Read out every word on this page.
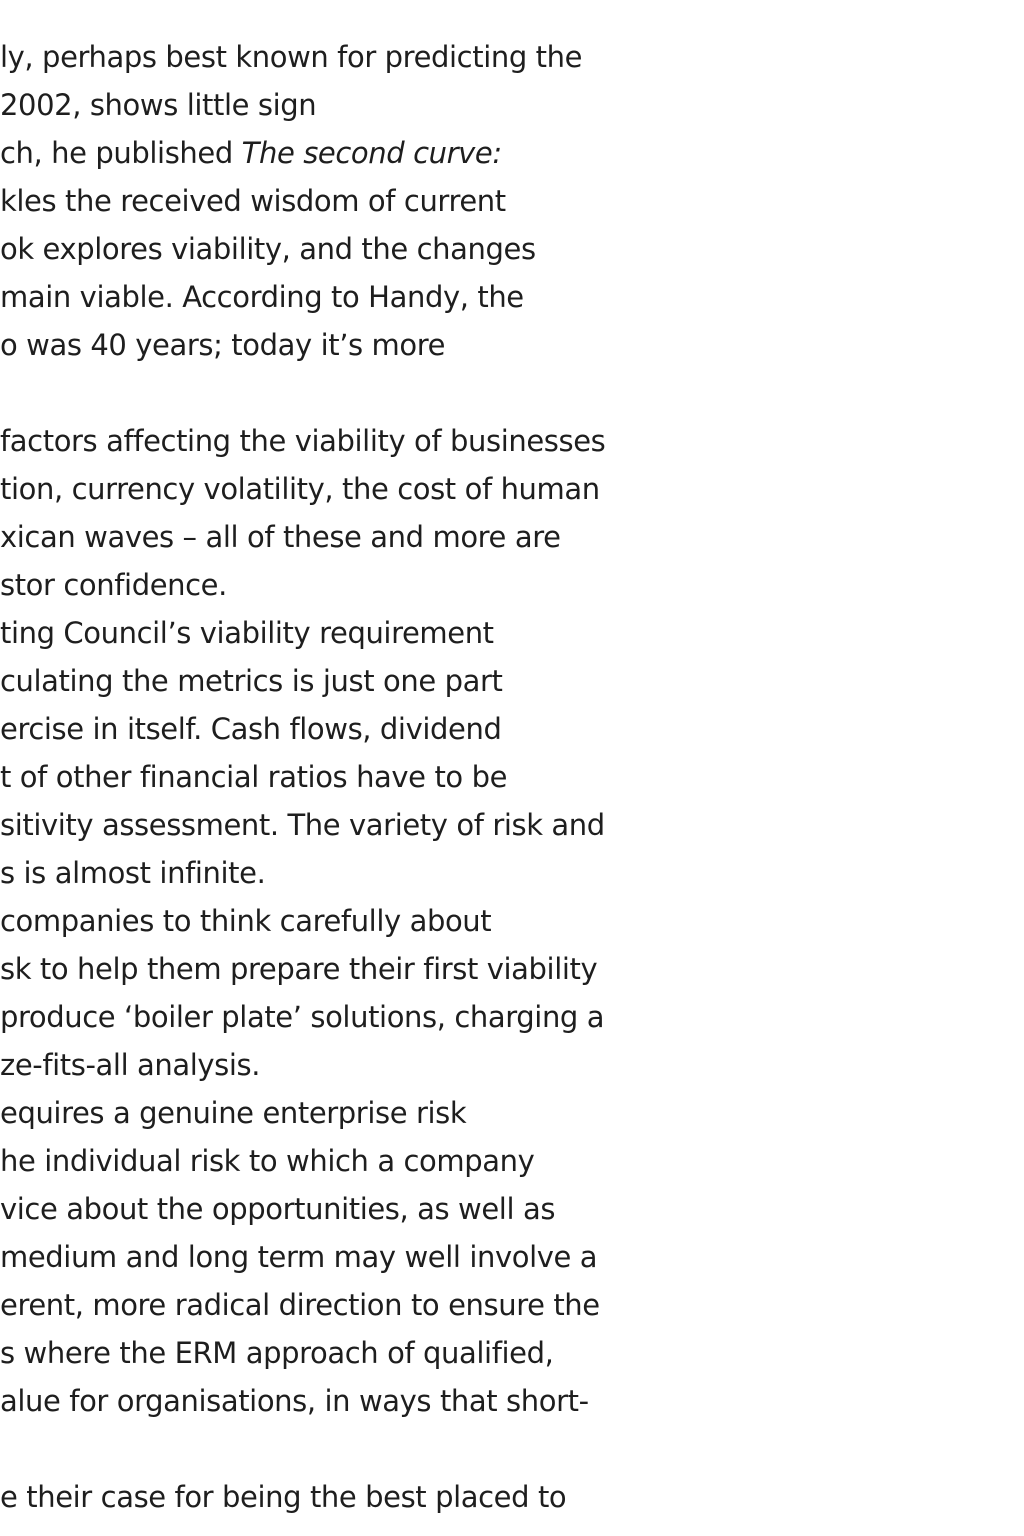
ly, perhaps best known for predicting the
2002, shows little sign
ch, he published The second curve:
kles the received wisdom of current
ok explores viability, and the changes
main viable. According to Handy, the
o was 40 years; today it’s more
factors affecting the viability of businesses
tion, currency volatility, the cost of human
xican waves – all of these and more are
stor confidence.
ting Council’s viability requirement
culating the metrics is just one part
ercise in itself. Cash flows, dividend
t of other financial ratios have to be
sitivity assessment. The variety of risk and
s is almost infinite.
companies to think carefully about
sk to help them prepare their first viability
produce ‘boiler plate’ solutions, charging a
ze-fits-all analysis.
equires a genuine enterprise risk
he individual risk to which a company
vice about the opportunities, as well as
medium and long term may well involve a
erent, more radical direction to ensure the
s where the ERM approach of qualified,
alue for organisations, in ways that short-
e their case for being the best placed to
